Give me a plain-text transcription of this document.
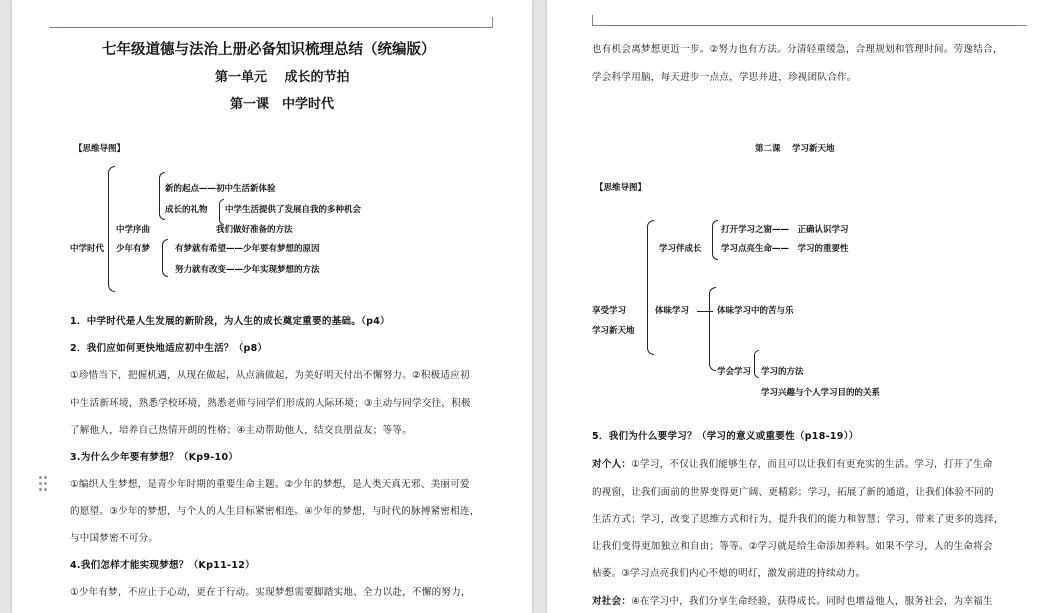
七年级道德与法治上册必备知识梳理总结（统编版）
第一单元　 成长的节拍
第一课　中学时代
【思维导图】
中学时代
中学序曲
少年有梦
新的起点——初中生活新体验
成长的礼物 中学生活提供了发展自我的多种机会
我们做好准备的方法
有梦就有希望——少年要有梦想的原因
努力就有改变——少年实现梦想的方法
1．中学时代是人生发展的新阶段，为人生的成长奠定重要的基础。（p4）
2．我们应如何更快地适应初中生活？（p8）
①珍惜当下，把握机遇，从现在做起，从点滴做起，为美好明天付出不懈努力。②积极适应初
中生活新环境，熟悉学校环境，熟悉老师与同学们形成的人际环境；③主动与同学交往，积极
了解他人，培养自己热情开朗的性格；④主动帮助他人，结交良朋益友；等等。
3.为什么少年要有梦想？（Kp9-10）
①编织人生梦想，是青少年时期的重要生命主题。②少年的梦想，是人类天真无邪、美丽可爱
的愿望。③少年的梦想，与个人的人生目标紧密相连。④少年的梦想，与时代的脉搏紧密相连，
与中国梦密不可分。
4.我们怎样才能实现梦想？（Kp11-12）
①少年有梦，不应止于心动，更在于行动。实现梦想需要脚踏实地、全力以赴，不懈的努力，
也有机会离梦想更近一步。②努力也有方法。分清轻重缓急，合理规划和管理时间。劳逸结合，
学会科学用脑，每天进步一点点，学思并进，珍视团队合作。
第二课　 学习新天地
【思维导图】
享受学习
学习新天地
学习伴成长
体味学习
打开学习之窗——　正确认识学习
学习点亮生命——　学习的重要性
体味学习中的苦与乐
学会学习 学习的方法
学习兴趣与个人学习目的的关系
5．我们为什么要学习？（学习的意义或重要性（p18-19））
对个人：①学习，不仅让我们能够生存，而且可以让我们有更充实的生活。学习，打开了生命
的视窗，让我们面前的世界变得更广阔、更精彩；学习，拓展了新的通道，让我们体验不同的
生活方式；学习，改变了思维方式和行为，提升我们的能力和智慧；学习，带来了更多的选择，
让我们变得更加独立和自由；等等。②学习就是给生命添加养料。如果不学习，人的生命将会
枯萎。③学习点亮我们内心不熄的明灯，激发前进的持续动力。
对社会：④在学习中，我们分享生命经验，获得成长。同时也增益他人，服务社会，为幸福生
